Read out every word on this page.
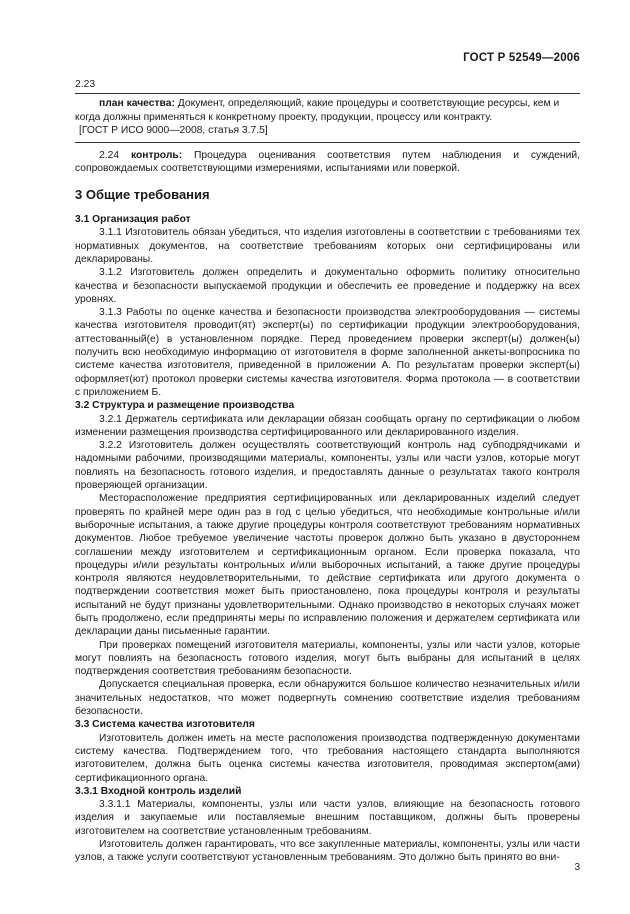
ГОСТ Р 52549—2006

2.23

план качества: Документ, определяющий, какие процедуры и соответствующие ресурсы, кем и когда должны применяться к конкретному проекту, продукции, процессу или контракту.

[ГОСТ Р ИСО 9000—2008, статья 3.7.5]

2.24 контроль: Процедура оценивания соответствия путем наблюдения и суждений, сопровождаемых соответствующими измерениями, испытаниями или поверкой.

3 Общие требования

3.1 Организация работ

3.1.1 Изготовитель обязан убедиться, что изделия изготовлены в соответствии с требованиями тех нормативных документов, на соответствие требованиям которых они сертифицированы или декларированы.

3.1.2 Изготовитель должен определить и документально оформить политику относительно качества и безопасности выпускаемой продукции и обеспечить ее проведение и поддержку на всех уровнях.

3.1.3 Работы по оценке качества и безопасности производства электрооборудования — системы качества изготовителя проводит(ят) эксперт(ы) по сертификации продукции электрооборудования, аттестованный(е) в установленном порядке. Перед проведением проверки эксперт(ы) должен(ы) получить всю необходимую информацию от изготовителя в форме заполненной анкеты-вопросника по системе качества изготовителя, приведенной в приложении А. По результатам проверки эксперт(ы) оформляет(ют) протокол проверки системы качества изготовителя. Форма протокола — в соответствии с приложением Б.

3.2 Структура и размещение производства

3.2.1 Держатель сертификата или декларации обязан сообщать органу по сертификации о любом изменении размещения производства сертифицированного или декларированного изделия.

3.2.2 Изготовитель должен осуществлять соответствующий контроль над субподрядчиками и надомными рабочими, производящими материалы, компоненты, узлы или части узлов, которые могут повлиять на безопасность готового изделия, и предоставлять данные о результатах такого контроля проверяющей организации.

Месторасположение предприятия сертифицированных или декларированных изделий следует проверять по крайней мере один раз в год с целью убедиться, что необходимые контрольные и/или выборочные испытания, а также другие процедуры контроля соответствуют требованиям нормативных документов. Любое требуемое увеличение частоты проверок должно быть указано в двустороннем соглашении между изготовителем и сертификационным органом. Если проверка показала, что процедуры и/или результаты контрольных и/или выборочных испытаний, а также другие процедуры контроля являются неудовлетворительными, то действие сертификата или другого документа о подтверждении соответствия может быть приостановлено, пока процедуры контроля и результаты испытаний не будут признаны удовлетворительными. Однако производство в некоторых случаях может быть продолжено, если предприняты меры по исправлению положения и держателем сертификата или декларации даны письменные гарантии.

При проверках помещений изготовителя материалы, компоненты, узлы или части узлов, которые могут повлиять на безопасность готового изделия, могут быть выбраны для испытаний в целях подтверждения соответствия требованиям безопасности.

Допускается специальная проверка, если обнаружится большое количество незначительных и/или значительных недостатков, что может подвергнуть сомнению соответствие изделия требованиям безопасности.

3.3 Система качества изготовителя

Изготовитель должен иметь на месте расположения производства подтвержденную документами систему качества. Подтверждением того, что требования настоящего стандарта выполняются изготовителем, должна быть оценка системы качества изготовителя, проводимая экспертом(ами) сертификационного органа.

3.3.1 Входной контроль изделий

3.3.1.1 Материалы, компоненты, узлы или части узлов, влияющие на безопасность готового изделия и закупаемые или поставляемые внешним поставщиком, должны быть проверены изготовителем на соответствие установленным требованиям.

Изготовитель должен гарантировать, что все закупленные материалы, компоненты, узлы или части узлов, а также услуги соответствуют установленным требованиям. Это должно быть принято во вни-

3
